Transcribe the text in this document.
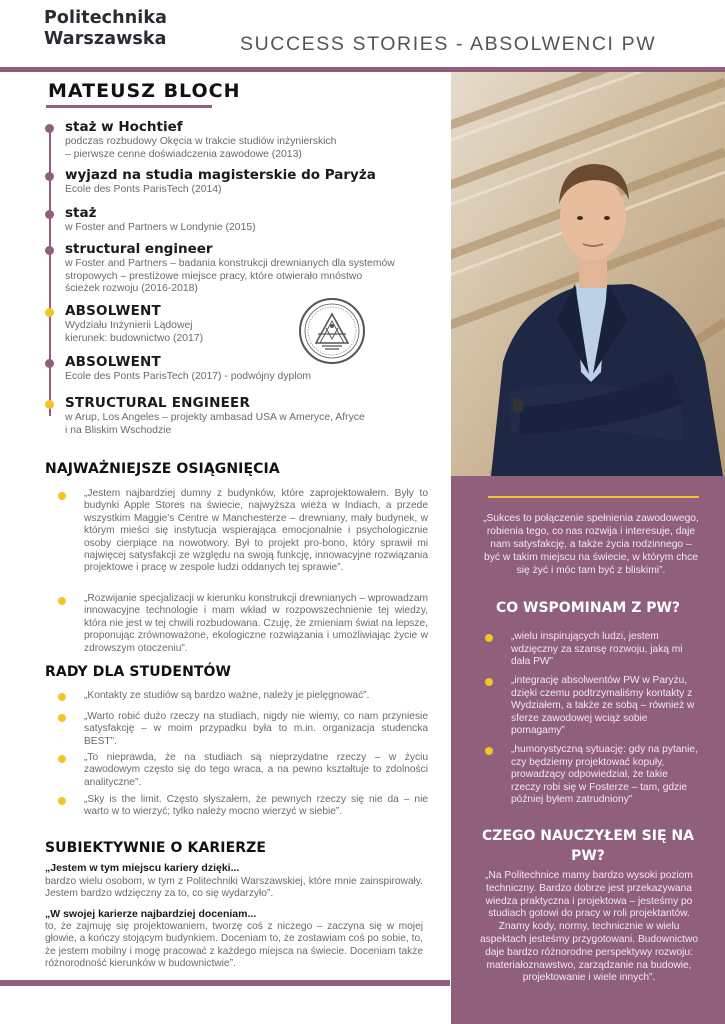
Politechnika
Warszawska	SUCCESS STORIES - ABSOLWENCI PW
MATEUSZ BLOCH
staż w Hochtief
podczas rozbudowy Okęcia w trakcie studiów inżynierskich
– pierwsze cenne doświadczenia zawodowe (2013)
wyjazd na studia magisterskie do Paryża
Ecole des Ponts ParisTech (2014)
staż
w Foster and Partners w Londynie (2015)
structural engineer
w Foster and Partners – badania konstrukcji drewnianych dla systemów
stropowych – prestiżowe miejsce pracy, które otwierało mnóstwo
ścieżek rozwoju (2016-2018)
ABSOLWENT
Wydziału Inżynierii Lądowej
kierunek: budownictwo (2017)
ABSOLWENT
Ecole des Ponts ParisTech (2017) - podwójny dyplom
STRUCTURAL ENGINEER
w Arup, Los Angeles – projekty ambasad USA w Ameryce, Afryce
i na Bliskim Wschodzie
NAJWAŻNIEJSZE OSIĄGNIĘCIA
„Jestem najbardziej dumny z budynków, które zaprojektowałem. Były to budynki Apple Stores na świecie, najwyższa wieża w Indiach, a przede wszystkim Maggie's Centre w Manchesterze – drewniany, mały budynek, w którym mieści się instytucja wspierająca emocjonalnie i psychologicznie osoby cierpiące na nowotwory. Był to projekt pro-bono, który sprawił mi najwięcej satysfakcji ze względu na swoją funkcję, innowacyjne rozwiązania projektowe i pracę w zespole ludzi oddanych tej sprawie”.
„Rozwijanie specjalizacji w kierunku konstrukcji drewnianych – wprowadzam innowacyjne technologie i mam wkład w rozpowszechnienie tej wiedzy, która nie jest w tej chwili rozbudowana. Czuję, że zmieniam świat na lepsze, proponując zrównoważone, ekologiczne rozwiązania i umożliwiając życie w zdrowszym otoczeniu”.
RADY DLA STUDENTÓW
„Kontakty ze studiów są bardzo ważne, należy je pielęgnować”.
„Warto robić dużo rzeczy na studiach, nigdy nie wiemy, co nam przyniesie satysfakcję – w moim przypadku była to m.in. organizacja studencka BEST”.
„To nieprawda, że na studiach są nieprzydatne rzeczy – w życiu zawodowym często się do tego wraca, a na pewno kształtuje to zdolności analityczne”.
„Sky is the limit. Często słyszałem, że pewnych rzeczy się nie da – nie warto w to wierzyć; tylko należy mocno wierzyć w siebie”.
SUBIEKTYWNIE O KARIERZE
„Jestem w tym miejscu kariery dzięki...
bardzo wielu osobom, w tym z Politechniki Warszawskiej, które mnie zainspirowały. Jestem bardzo wdzięczny za to, co się wydarzyło”.
„W swojej karierze najbardziej doceniam...
to, że zajmuję się projektowaniem, tworzę coś z niczego – zaczyna się w mojej głowie, a kończy stojącym budynkiem. Doceniam to, że zostawiam coś po sobie, to, że jestem mobilny i mogę pracować z każdego miejsca na świecie. Doceniam także różnorodność kierunków w budownictwie”.
„Sukces to połączenie spełnienia zawodowego, robienia tego, co nas rozwija i interesuje, daje nam satysfakcję, a także życia rodzinnego – być w takim miejscu na świecie, w którym chce się żyć i móc tam być z bliskimi”.
CO WSPOMINAM Z PW?
„wielu inspirujących ludzi, jestem wdzięczny za szansę rozwoju, jaką mi dała PW”
„integrację absolwentów PW w Paryżu, dzięki czemu podtrzymaliśmy kontakty z Wydziałem, a także ze sobą – również w sferze zawodowej wciąż sobie pomagamy”
„humorystyczną sytuację: gdy na pytanie, czy będziemy projektować kopuły, prowadzący odpowiedział, że takie rzeczy robi się w Fosterze – tam, gdzie później byłem zatrudniony”
CZEGO NAUCZYŁEM SIĘ NA PW?
„Na Politechnice mamy bardzo wysoki poziom techniczny. Bardzo dobrze jest przekazywana wiedza praktyczna i projektowa – jesteśmy po studiach gotowi do pracy w roli projektantów. Znamy kody, normy, technicznie w wielu aspektach jesteśmy przygotowani. Budownictwo daje bardzo różnorodne perspektywy rozwoju: materiałoznawstwo, zarządzanie na budowie, projektowanie i wiele innych”.
